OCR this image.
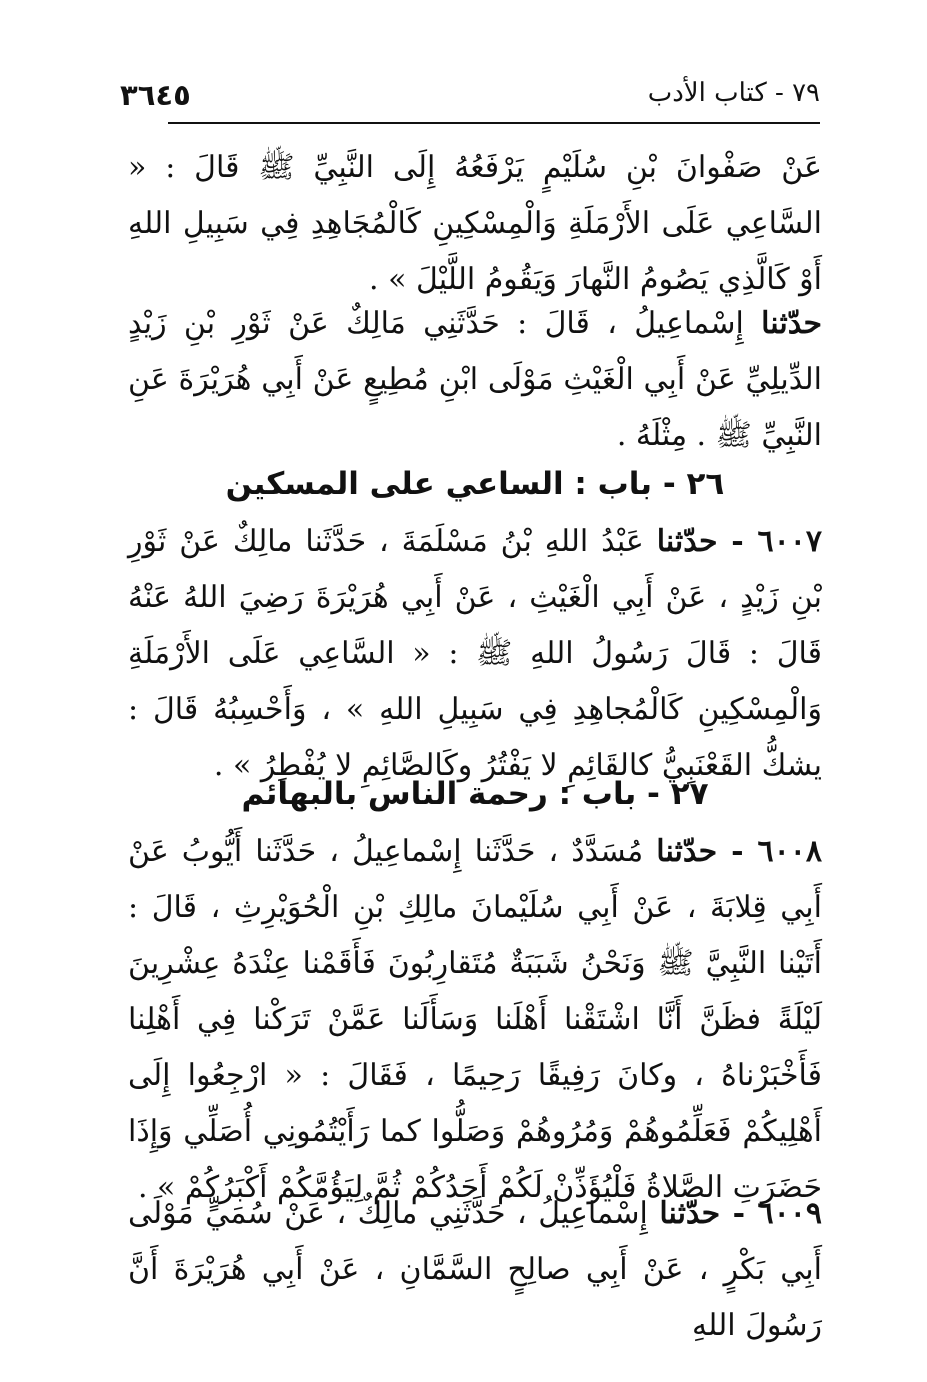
٣٦٤٥	٧٩ - كتاب الأدب

عَنْ صَفْوانَ بْنِ سُلَيْمٍ يَرْفَعُهُ إِلَى النَّبِيِّ ﷺ قَالَ : « السَّاعِي عَلَى الأَرْمَلَةِ وَالْمِسْكِينِ كَالْمُجَاهِدِ فِي سَبِيلِ اللهِ أَوْ كَالَّذِي يَصُومُ النَّهارَ وَيَقُومُ اللَّيْلَ » .

حدّثنا إِسْماعِيلُ ، قَالَ : حَدَّثَنِي مَالِكٌ عَنْ ثَوْرِ بْنِ زَيْدٍ الدِّيلِيِّ عَنْ أَبِي الْغَيْثِ مَوْلَى ابْنِ مُطِيعٍ عَنْ أَبِي هُرَيْرَةَ عَنِ النَّبِيِّ ﷺ . مِثْلَهُ .

٢٦ - باب : الساعي على المسكين

٦٠٠٧ - حدّثنا عَبْدُ اللهِ بْنُ مَسْلَمَةَ ، حَدَّثَنا مالِكٌ عَنْ ثَوْرِ بْنِ زَيْدٍ ، عَنْ أَبِي الْغَيْثِ ، عَنْ أَبِي هُرَيْرَةَ رَضِيَ اللهُ عَنْهُ قَالَ : قَالَ رَسُولُ اللهِ ﷺ : « السَّاعِي عَلَى الأَرْمَلَةِ وَالْمِسْكِينِ كَالْمُجاهِدِ فِي سَبِيلِ اللهِ » ، وَأَحْسِبُهُ قَالَ : يشكُّ القَعْنَبِيُّ كالقَائِمِ لا يَفْتُرُ وكَالصَّائِمِ لا يُفْطِرُ » .

٢٧ - باب : رحمة الناس بالبهائم

٦٠٠٨ - حدّثنا مُسَدَّدٌ ، حَدَّثَنا إِسْماعِيلُ ، حَدَّثَنا أَيُّوبُ عَنْ أَبِي قِلابَةَ ، عَنْ أَبِي سُلَيْمانَ مالِكِ بْنِ الْحُوَيْرِثِ ، قَالَ : أَتَيْنا النَّبِيَّ ﷺ وَنَحْنُ شَبَبَةٌ مُتَقارِبُونَ فَأَقَمْنا عِنْدَهُ عِشْرِينَ لَيْلَةً فظَنَّ أَنَّا اشْتَقْنا أَهْلَنا وَسَأَلَنا عَمَّنْ تَرَكْنا فِي أَهْلِنا فَأَخْبَرْناهُ ، وكانَ رَفِيقًا رَحِيمًا ، فَقَالَ : « ارْجِعُوا إِلَى أَهْلِيكُمْ فَعَلِّمُوهُمْ وَمُرُوهُمْ وَصَلُّوا كما رَأَيْتُمُونِي أُصَلِّي وَإِذَا حَضَرَتِ الصَّلاةُ فَلْيُؤَذِّنْ لَكُمْ أَحَدُكُمْ ثُمَّ لِيَؤُمَّكُمْ أَكْبَرُكُمْ » .

٦٠٠٩ - حدّثنا إِسْماعِيلُ ، حَدَّثَنِي مالِكٌ ، عَنْ سُمَيٍّ مَوْلَى أَبِي بَكْرٍ ، عَنْ أَبِي صالِحٍ السَّمَّانِ ، عَنْ أَبِي هُرَيْرَةَ أَنَّ رَسُولَ اللهِ
